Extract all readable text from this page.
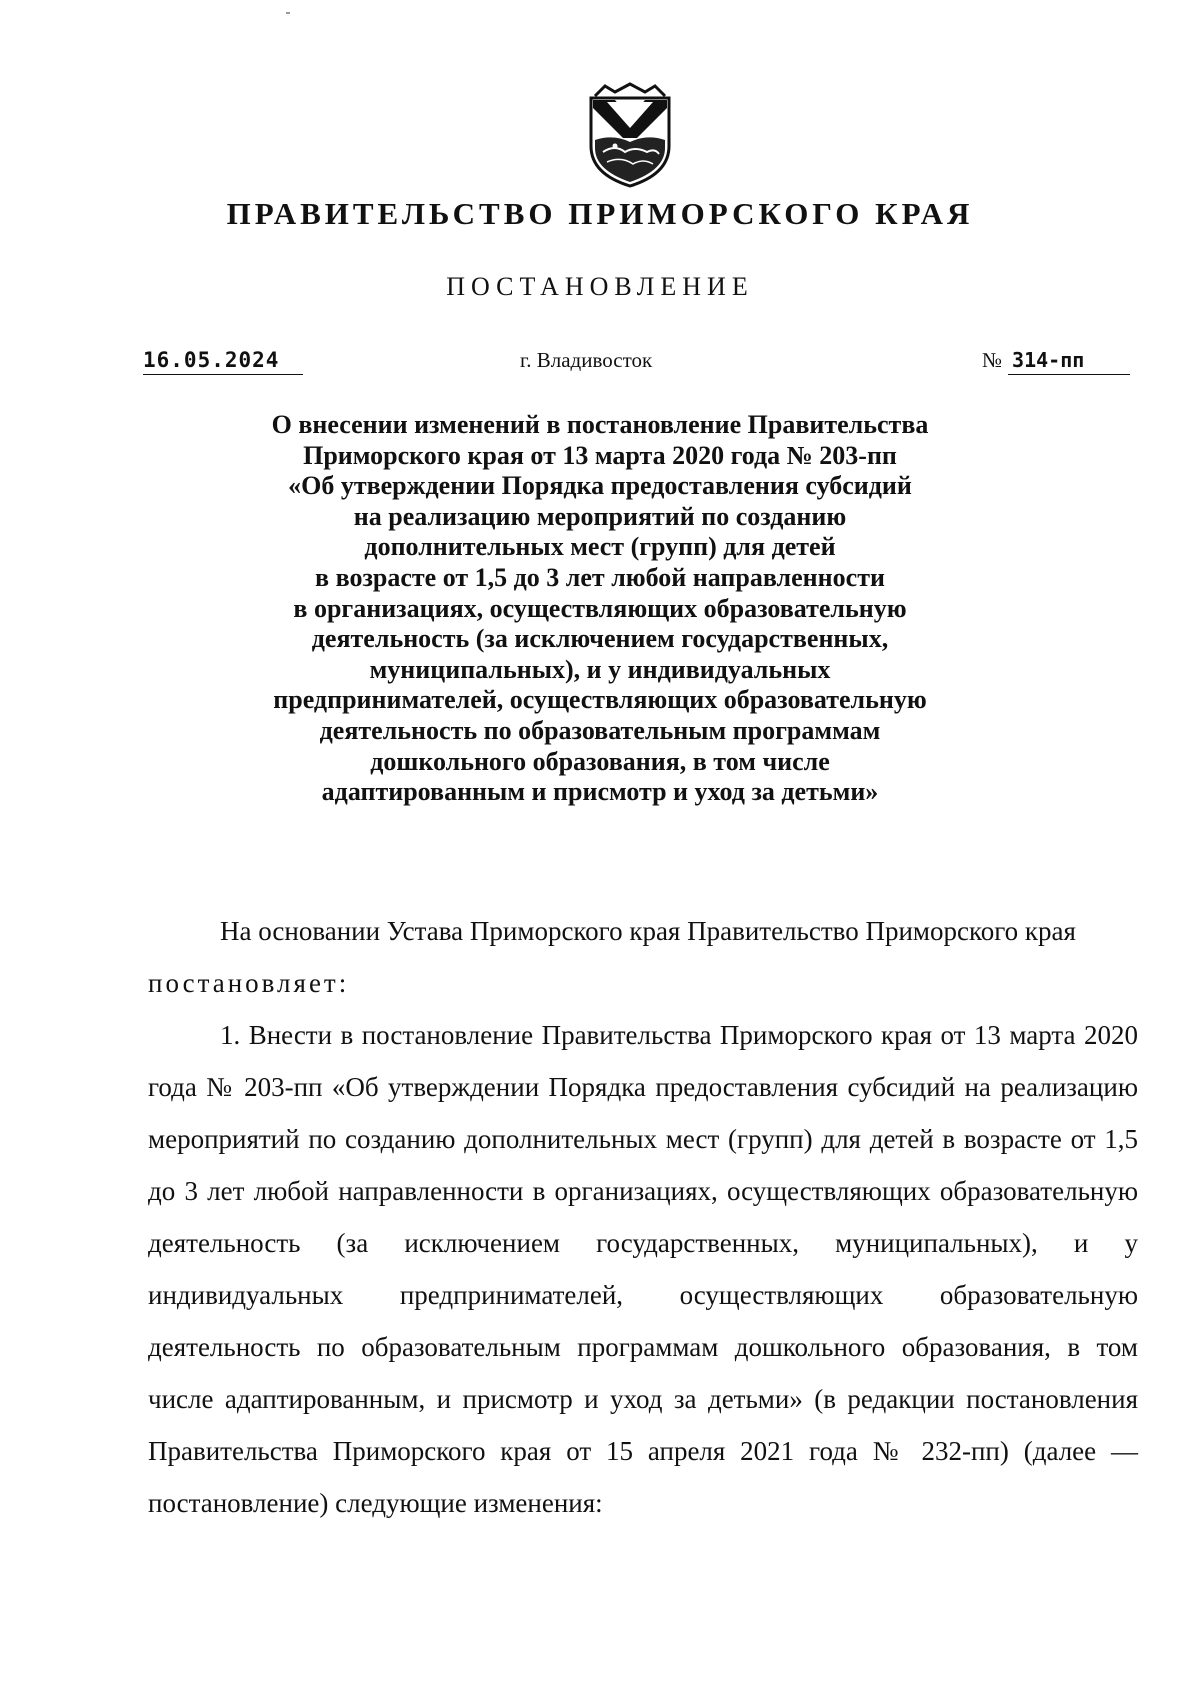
ПРАВИТЕЛЬСТВО ПРИМОРСКОГО КРАЯ
ПОСТАНОВЛЕНИЕ
16.05.2024	г. Владивосток	№ 314-пп
О внесении изменений в постановление Правительства
Приморского края от 13 марта 2020 года № 203-пп
«Об утверждении Порядка предоставления субсидий
на реализацию мероприятий по созданию
дополнительных мест (групп) для детей
в возрасте от 1,5 до 3 лет любой направленности
в организациях, осуществляющих образовательную
деятельность (за исключением государственных,
муниципальных), и у индивидуальных
предпринимателей, осуществляющих образовательную
деятельность по образовательным программам
дошкольного образования, в том числе
адаптированным и присмотр и уход за детьми»

На основании Устава Приморского края Правительство Приморского края

постановляет:

1. Внести в постановление Правительства Приморского края от 13 марта 2020 года № 203-пп «Об утверждении Порядка предоставления субсидий на реализацию мероприятий по созданию дополнительных мест (групп) для детей в возрасте от 1,5 до 3 лет любой направленности в организациях, осуществляющих образовательную деятельность (за исключением государственных, муниципальных), и у индивидуальных предпринимателей, осуществляющих образовательную деятельность по образовательным программам дошкольного образования, в том числе адаптированным, и присмотр и уход за детьми» (в редакции постановления Правительства Приморского края от 15 апреля 2021 года № 232-пп) (далее — постановление) следующие изменения:
